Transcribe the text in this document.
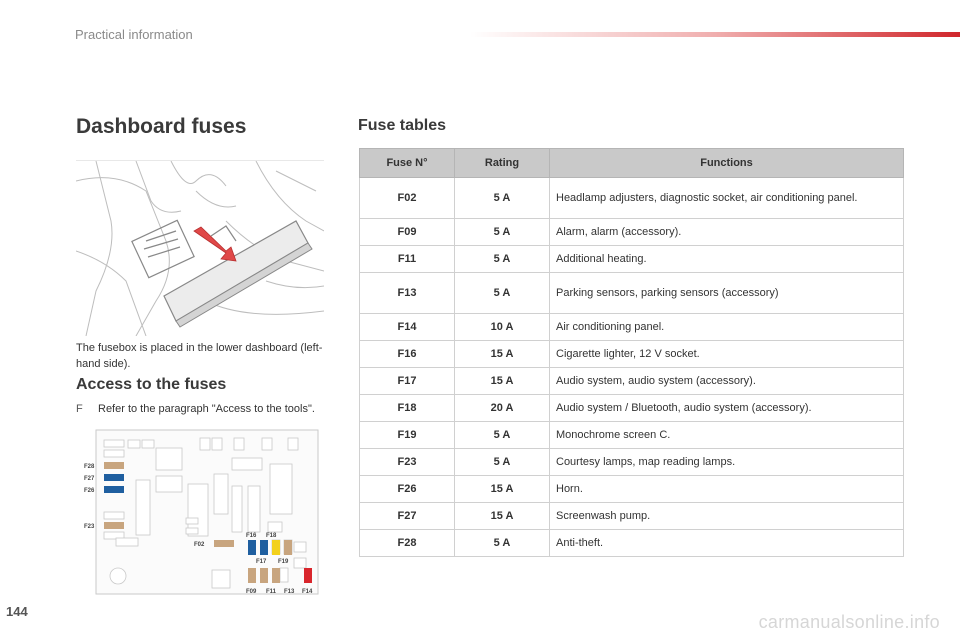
Practical information
Dashboard fuses
The fusebox is placed in the lower dashboard (left-hand side).
Access to the fuses
F Refer to the paragraph "Access to the tools".
F28
F27
F26
F23
F02
F16 F18
F17 F19
F09 F11 F13 F14
Fuse tables
Fuse N°	Rating	Functions
F02	5 A	Headlamp adjusters, diagnostic socket, air conditioning panel.
F09	5 A	Alarm, alarm (accessory).
F11	5 A	Additional heating.
F13	5 A	Parking sensors, parking sensors (accessory)
F14	10 A	Air conditioning panel.
F16	15 A	Cigarette lighter, 12 V socket.
F17	15 A	Audio system, audio system (accessory).
F18	20 A	Audio system / Bluetooth, audio system (accessory).
F19	5 A	Monochrome screen C.
F23	5 A	Courtesy lamps, map reading lamps.
F26	15 A	Horn.
F27	15 A	Screenwash pump.
F28	5 A	Anti-theft.
144
carmanualsonline.info
